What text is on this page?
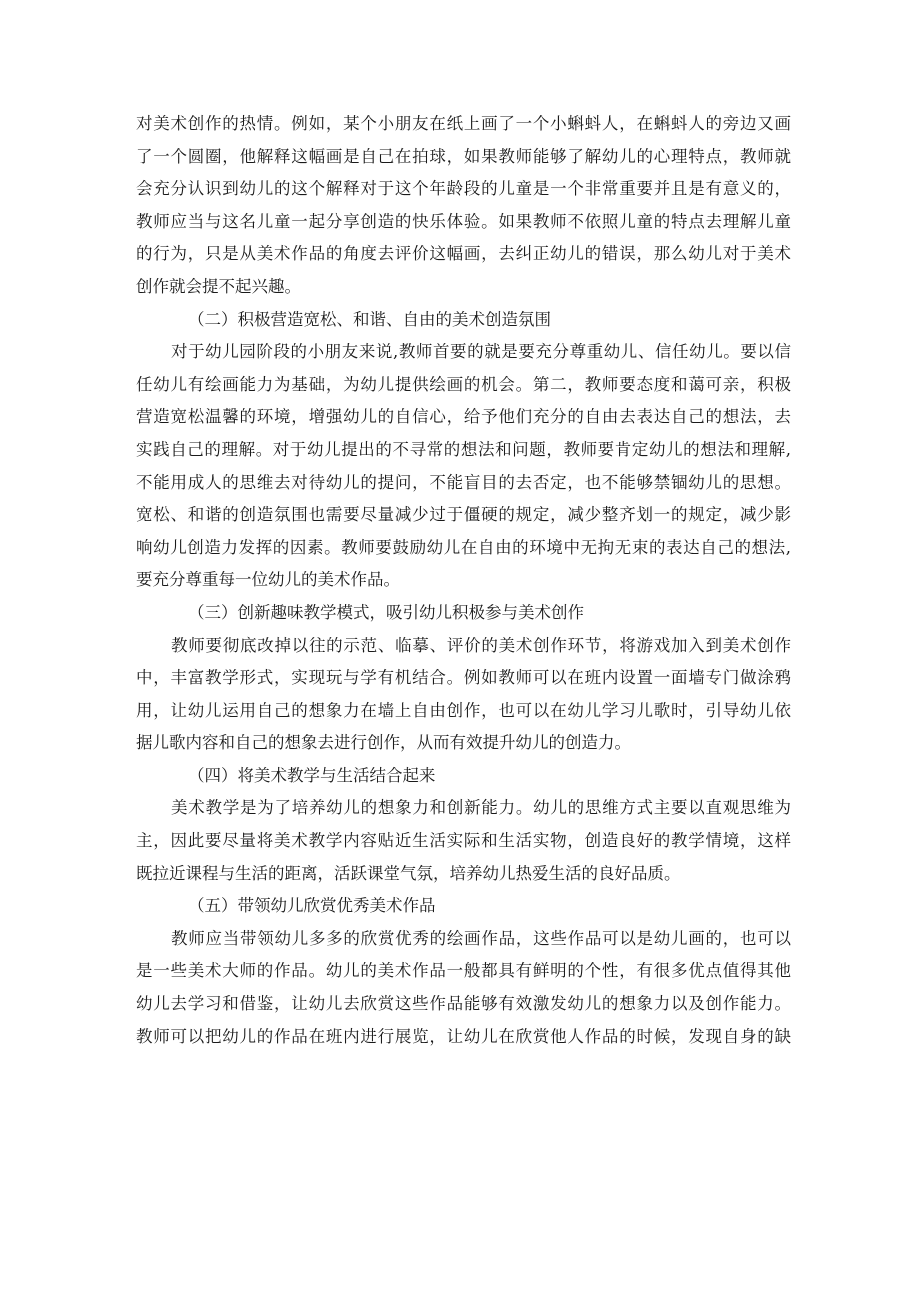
对美术创作的热情。例如，某个小朋友在纸上画了一个小蝌蚪人，在蝌蚪人的旁边又画
了一个圆圈，他解释这幅画是自己在拍球，如果教师能够了解幼儿的心理特点，教师就
会充分认识到幼儿的这个解释对于这个年龄段的儿童是一个非常重要并且是有意义的，
教师应当与这名儿童一起分享创造的快乐体验。如果教师不依照儿童的特点去理解儿童
的行为，只是从美术作品的角度去评价这幅画，去纠正幼儿的错误，那么幼儿对于美术
创作就会提不起兴趣。
（二）积极营造宽松、和谐、自由的美术创造氛围
对于幼儿园阶段的小朋友来说,教师首要的就是要充分尊重幼儿、信任幼儿。要以信
任幼儿有绘画能力为基础，为幼儿提供绘画的机会。第二，教师要态度和蔼可亲，积极
营造宽松温馨的环境，增强幼儿的自信心，给予他们充分的自由去表达自己的想法，去
实践自己的理解。对于幼儿提出的不寻常的想法和问题，教师要肯定幼儿的想法和理解,
不能用成人的思维去对待幼儿的提问，不能盲目的去否定，也不能够禁锢幼儿的思想。
宽松、和谐的创造氛围也需要尽量减少过于僵硬的规定，减少整齐划一的规定，减少影
响幼儿创造力发挥的因素。教师要鼓励幼儿在自由的环境中无拘无束的表达自己的想法,
要充分尊重每一位幼儿的美术作品。
（三）创新趣味教学模式，吸引幼儿积极参与美术创作
教师要彻底改掉以往的示范、临摹、评价的美术创作环节，将游戏加入到美术创作
中，丰富教学形式，实现玩与学有机结合。例如教师可以在班内设置一面墙专门做涂鸦
用，让幼儿运用自己的想象力在墙上自由创作，也可以在幼儿学习儿歌时，引导幼儿依
据儿歌内容和自己的想象去进行创作，从而有效提升幼儿的创造力。
（四）将美术教学与生活结合起来
美术教学是为了培养幼儿的想象力和创新能力。幼儿的思维方式主要以直观思维为
主，因此要尽量将美术教学内容贴近生活实际和生活实物，创造良好的教学情境，这样
既拉近课程与生活的距离，活跃课堂气氛，培养幼儿热爱生活的良好品质。
（五）带领幼儿欣赏优秀美术作品
教师应当带领幼儿多多的欣赏优秀的绘画作品，这些作品可以是幼儿画的，也可以
是一些美术大师的作品。幼儿的美术作品一般都具有鲜明的个性，有很多优点值得其他
幼儿去学习和借鉴，让幼儿去欣赏这些作品能够有效激发幼儿的想象力以及创作能力。
教师可以把幼儿的作品在班内进行展览，让幼儿在欣赏他人作品的时候，发现自身的缺
